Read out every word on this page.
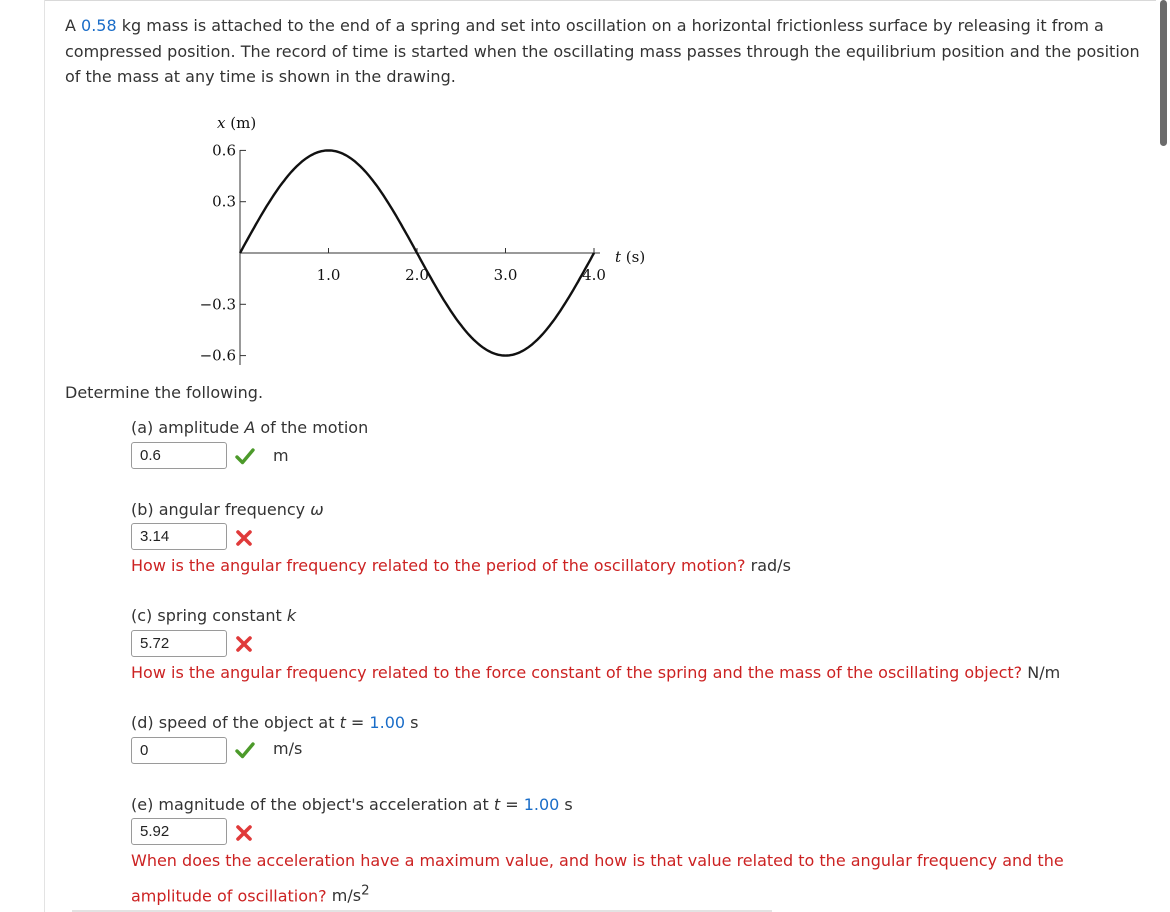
A 0.58 kg mass is attached to the end of a spring and set into oscillation on a horizontal frictionless surface by releasing it from a compressed position. The record of time is started when the oscillating mass passes through the equilibrium position and the position of the mass at any time is shown in the drawing.
x (m)
t (s)
0.6
0.3
−0.3
−0.6
1.0	2.0	3.0	4.0
Determine the following.
(a) amplitude A of the motion
0.6	m
(b) angular frequency ω
3.14
How is the angular frequency related to the period of the oscillatory motion? rad/s
(c) spring constant k
5.72
How is the angular frequency related to the force constant of the spring and the mass of the oscillating object? N/m
(d) speed of the object at t = 1.00 s
0	m/s
(e) magnitude of the object's acceleration at t = 1.00 s
5.92
When does the acceleration have a maximum value, and how is that value related to the angular frequency and the amplitude of oscillation? $m/s^2$
